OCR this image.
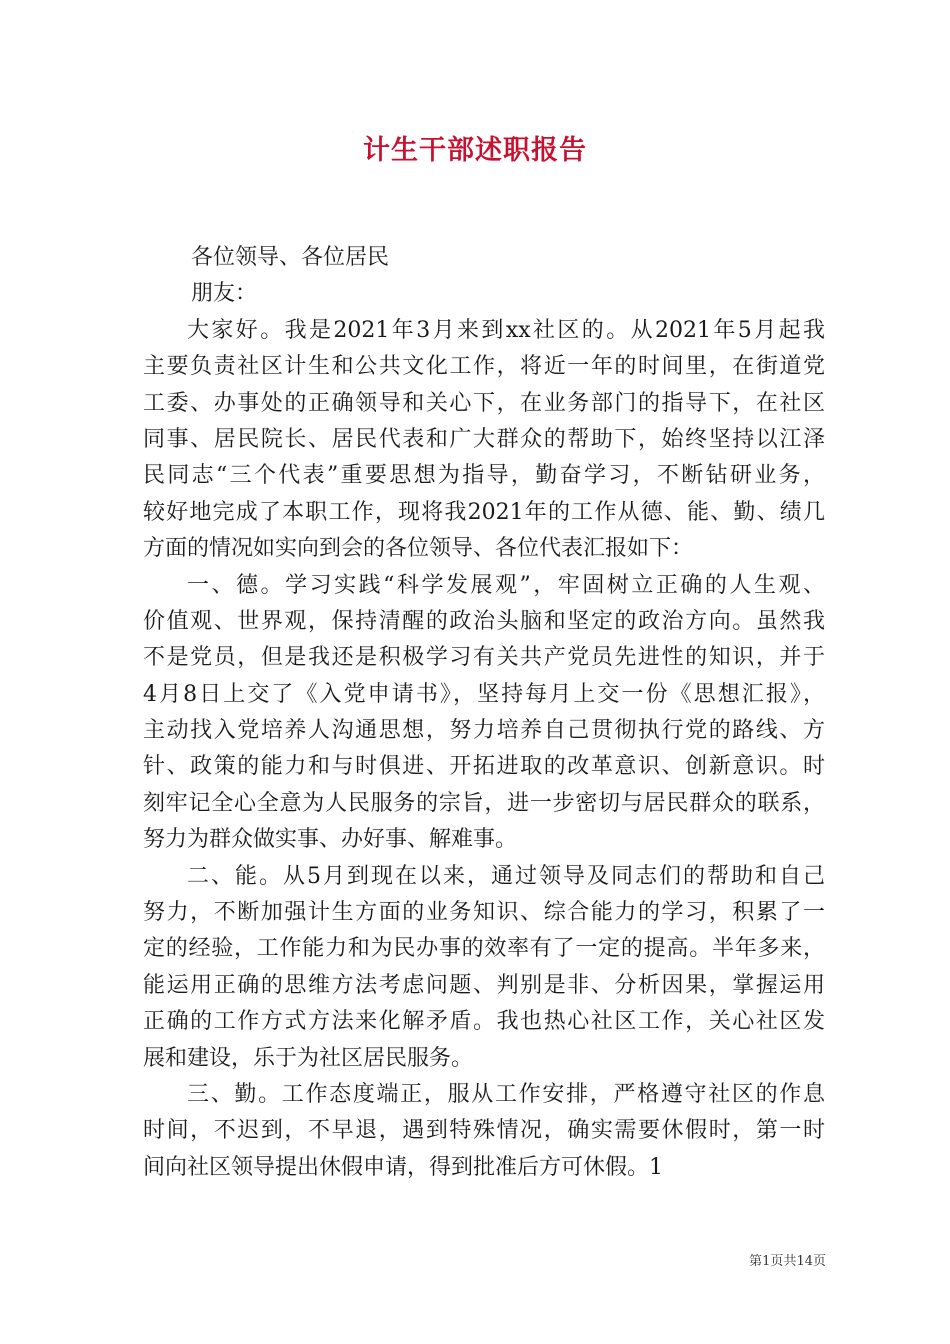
计生干部述职报告

各位领导、各位居民

朋友：

大家好。我是2021年3月来到xx社区的。从2021年5月起我

主要负责社区计生和公共文化工作，将近一年的时间里，在街道党

工委、办事处的正确领导和关心下，在业务部门的指导下，在社区

同事、居民院长、居民代表和广大群众的帮助下，始终坚持以江泽

民同志“三个代表”重要思想为指导，勤奋学习，不断钻研业务，

较好地完成了本职工作，现将我2021年的工作从德、能、勤、绩几

方面的情况如实向到会的各位领导、各位代表汇报如下：

一、德。学习实践“科学发展观”，牢固树立正确的人生观、

价值观、世界观，保持清醒的政治头脑和坚定的政治方向。虽然我

不是党员，但是我还是积极学习有关共产党员先进性的知识，并于

4月8日上交了《入党申请书》，坚持每月上交一份《思想汇报》，

主动找入党培养人沟通思想，努力培养自己贯彻执行党的路线、方

针、政策的能力和与时俱进、开拓进取的改革意识、创新意识。时

刻牢记全心全意为人民服务的宗旨，进一步密切与居民群众的联系，

努力为群众做实事、办好事、解难事。

二、能。从5月到现在以来，通过领导及同志们的帮助和自己

努力，不断加强计生方面的业务知识、综合能力的学习，积累了一

定的经验，工作能力和为民办事的效率有了一定的提高。半年多来，

能运用正确的思维方法考虑问题、判别是非、分析因果，掌握运用

正确的工作方式方法来化解矛盾。我也热心社区工作，关心社区发

展和建设，乐于为社区居民服务。

三、勤。工作态度端正，服从工作安排，严格遵守社区的作息

时间，不迟到，不早退，遇到特殊情况，确实需要休假时，第一时

间向社区领导提出休假申请，得到批准后方可休假。1

第1页共14页
